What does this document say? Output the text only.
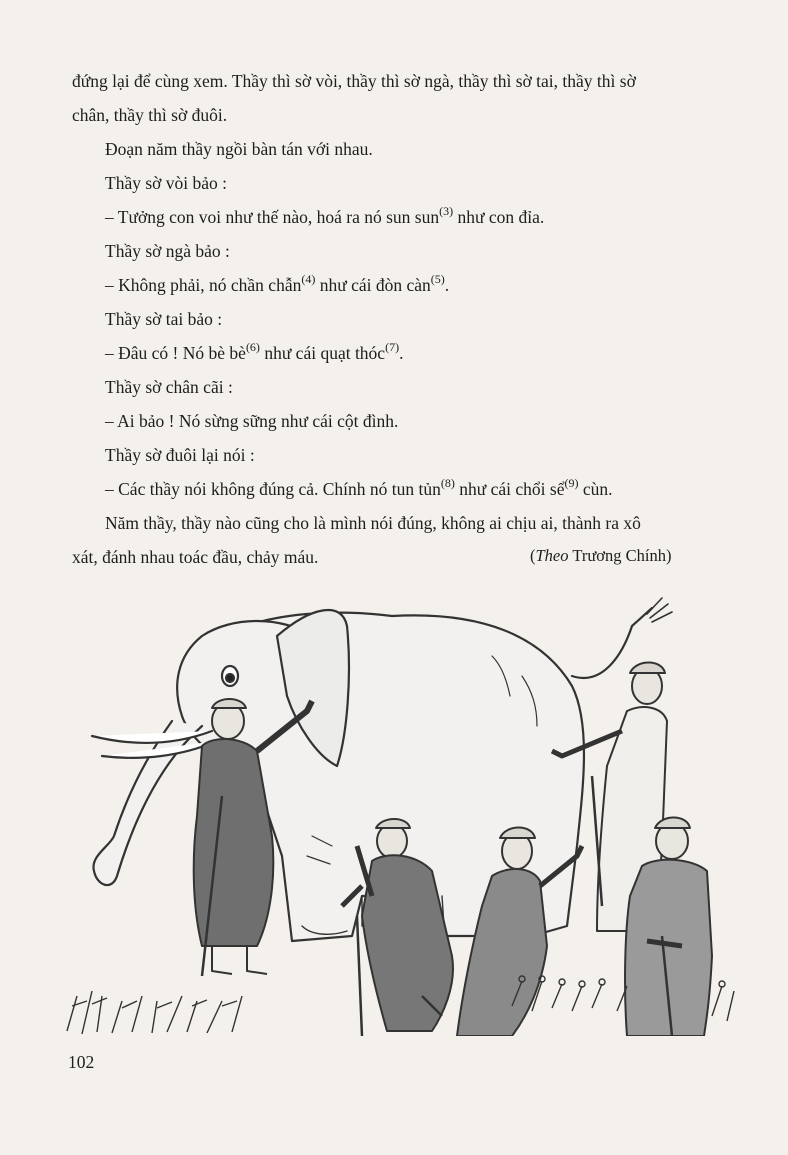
đứng lại để cùng xem. Thầy thì sờ vòi, thầy thì sờ ngà, thầy thì sờ tai, thầy thì sờ
chân, thầy thì sờ đuôi.
Đoạn năm thầy ngồi bàn tán với nhau.
Thầy sờ vòi bảo :
– Tưởng con voi như thế nào, hoá ra nó sun sun$^{(3)}$ như con đỉa.
Thầy sờ ngà bảo :
– Không phải, nó chần chẫn$^{(4)}$ như cái đòn càn$^{(5)}$.
Thầy sờ tai bảo :
– Đâu có ! Nó bè $bè^{(6)}$ như cái quạt thóc$^{(7)}$.
Thầy sờ chân cãi :
– Ai bảo ! Nó sừng sững như cái cột đình.
Thầy sờ đuôi lại nói :
– Các thầy nói không đúng cả. Chính nó tun tủn$^{(8)}$ như cái chổi sể$^{(9)}$ cùn.
Năm thầy, thầy nào cũng cho là mình nói đúng, không ai chịu ai, thành ra xô
xát, đánh nhau toác đầu, chảy máu.	(Theo Trương Chính)
102
